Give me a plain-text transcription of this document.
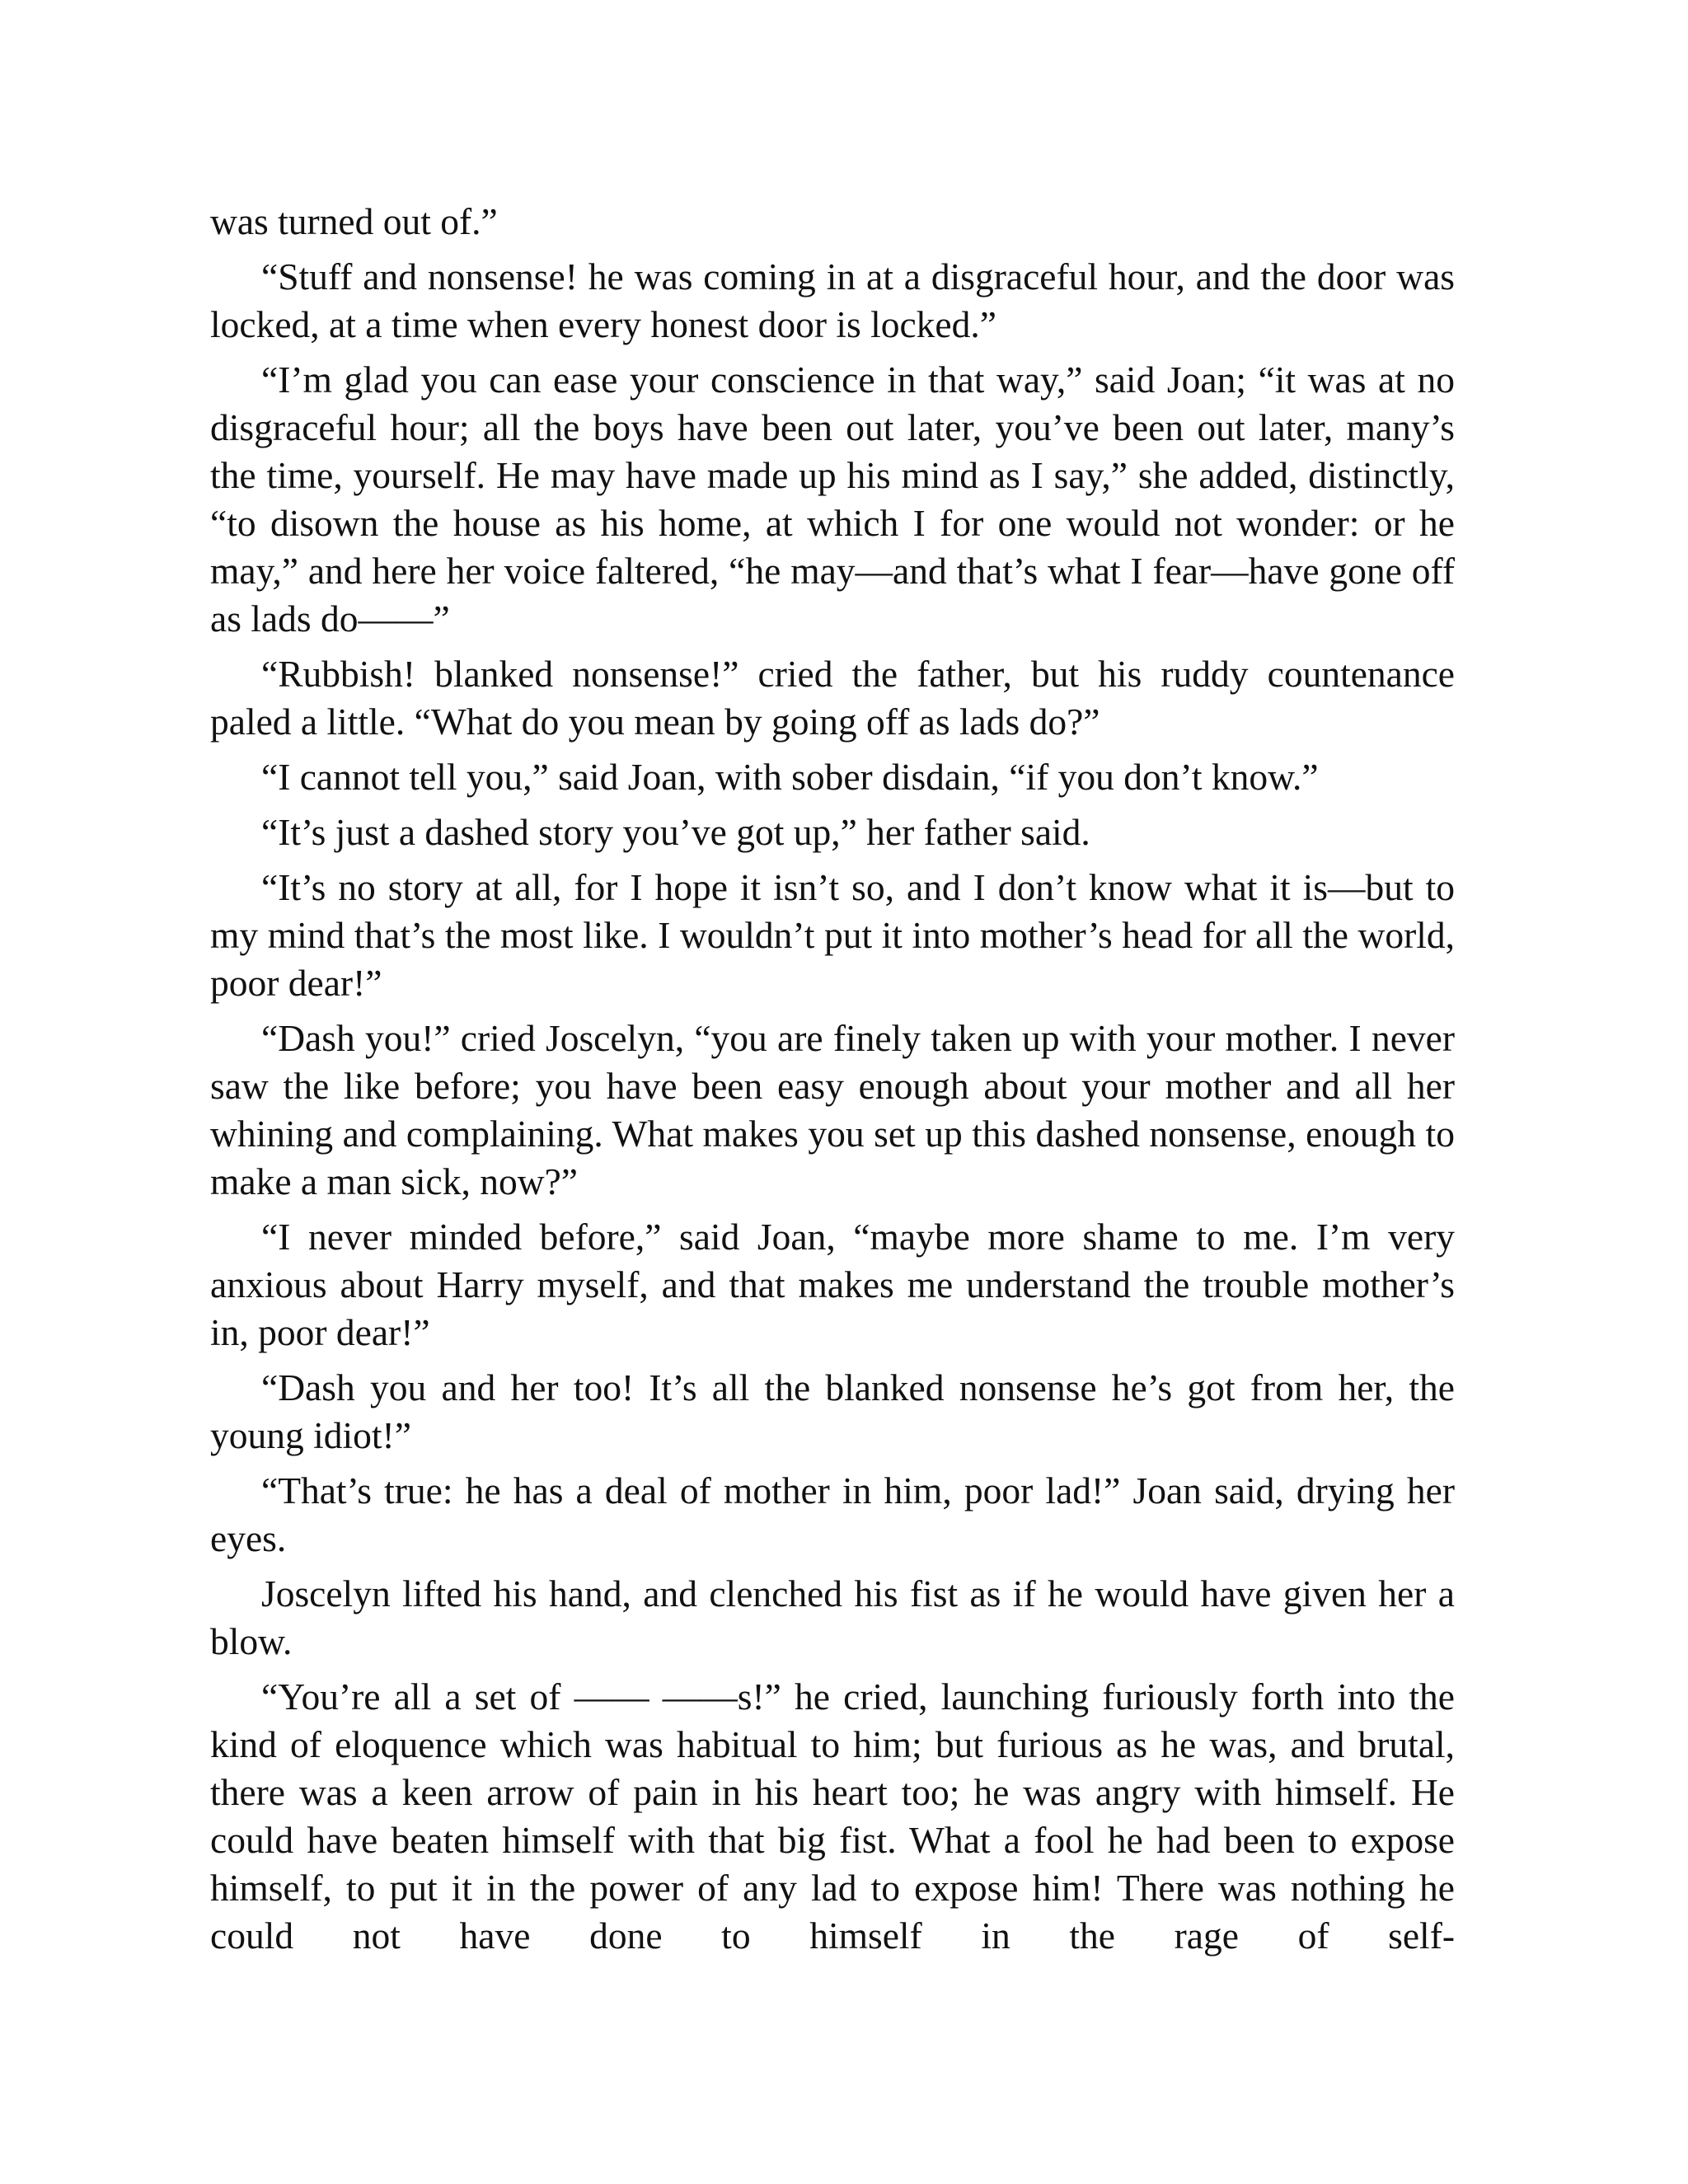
was turned out of.”

“Stuff and nonsense! he was coming in at a disgraceful hour, and the door was locked, at a time when every honest door is locked.”

“I’m glad you can ease your conscience in that way,” said Joan; “it was at no disgraceful hour; all the boys have been out later, you’ve been out later, many’s the time, yourself. He may have made up his mind as I say,” she added, distinctly, “to disown the house as his home, at which I for one would not wonder: or he may,” and here her voice faltered, “he may—and that’s what I fear—have gone off as lads do——”

“Rubbish! blanked nonsense!” cried the father, but his ruddy countenance paled a little. “What do you mean by going off as lads do?”

“I cannot tell you,” said Joan, with sober disdain, “if you don’t know.”

“It’s just a dashed story you’ve got up,” her father said.

“It’s no story at all, for I hope it isn’t so, and I don’t know what it is—but to my mind that’s the most like. I wouldn’t put it into mother’s head for all the world, poor dear!”

“Dash you!” cried Joscelyn, “you are finely taken up with your mother. I never saw the like before; you have been easy enough about your mother and all her whining and complaining. What makes you set up this dashed nonsense, enough to make a man sick, now?”

“I never minded before,” said Joan, “maybe more shame to me. I’m very anxious about Harry myself, and that makes me understand the trouble mother’s in, poor dear!”

“Dash you and her too! It’s all the blanked nonsense he’s got from her, the young idiot!”

“That’s true: he has a deal of mother in him, poor lad!” Joan said, drying her eyes.

Joscelyn lifted his hand, and clenched his fist as if he would have given her a blow.

“You’re all a set of —— ——s!” he cried, launching furiously forth into the kind of eloquence which was habitual to him; but furious as he was, and brutal, there was a keen arrow of pain in his heart too; he was angry with himself. He could have beaten himself with that big fist. What a fool he had been to expose himself, to put it in the power of any lad to expose him! There was nothing he could not have done to himself in the rage of self-
